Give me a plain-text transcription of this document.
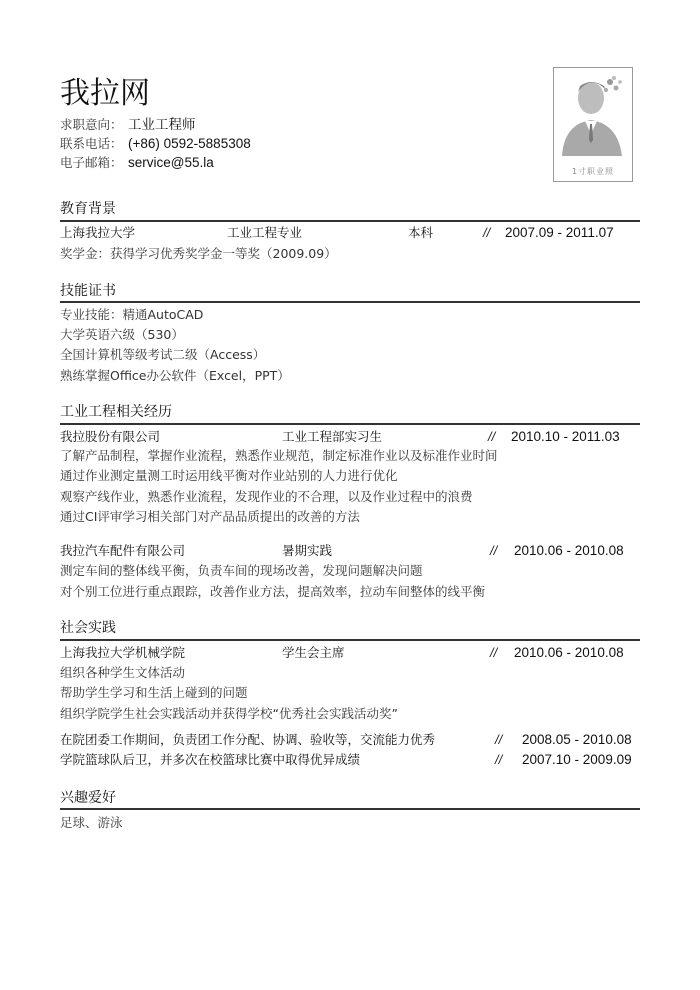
我拉网
求职意向： 工业工程师
联系电话： (+86) 0592-5885308
电子邮箱： service@55.la
1寸职业照
教育背景
上海我拉大学	工业工程专业	本科	// 2007.09 - 2011.07
奖学金：获得学习优秀奖学金一等奖（2009.09）
技能证书
专业技能：精通AutoCAD
大学英语六级（530）
全国计算机等级考试二级（Access）
熟练掌握Office办公软件（Excel，PPT）
工业工程相关经历
我拉股份有限公司	工业工程部实习生	// 2010.10 - 2011.03
了解产品制程，掌握作业流程，熟悉作业规范，制定标准作业以及标准作业时间
通过作业测定量测工时运用线平衡对作业站别的人力进行优化
观察产线作业，熟悉作业流程，发现作业的不合理，以及作业过程中的浪费
通过CI评审学习相关部门对产品品质提出的改善的方法
我拉汽车配件有限公司	暑期实践	// 2010.06 - 2010.08
测定车间的整体线平衡，负责车间的现场改善，发现问题解决问题
对个别工位进行重点跟踪，改善作业方法，提高效率，拉动车间整体的线平衡
社会实践
上海我拉大学机械学院	学生会主席	// 2010.06 - 2010.08
组织各种学生文体活动
帮助学生学习和生活上碰到的问题
组织学院学生社会实践活动并获得学校“优秀社会实践活动奖”
在院团委工作期间，负责团工作分配、协调、验收等，交流能力优秀	// 2008.05 - 2010.08
学院篮球队后卫，并多次在校篮球比赛中取得优异成绩	// 2007.10 - 2009.09
兴趣爱好
足球、游泳
